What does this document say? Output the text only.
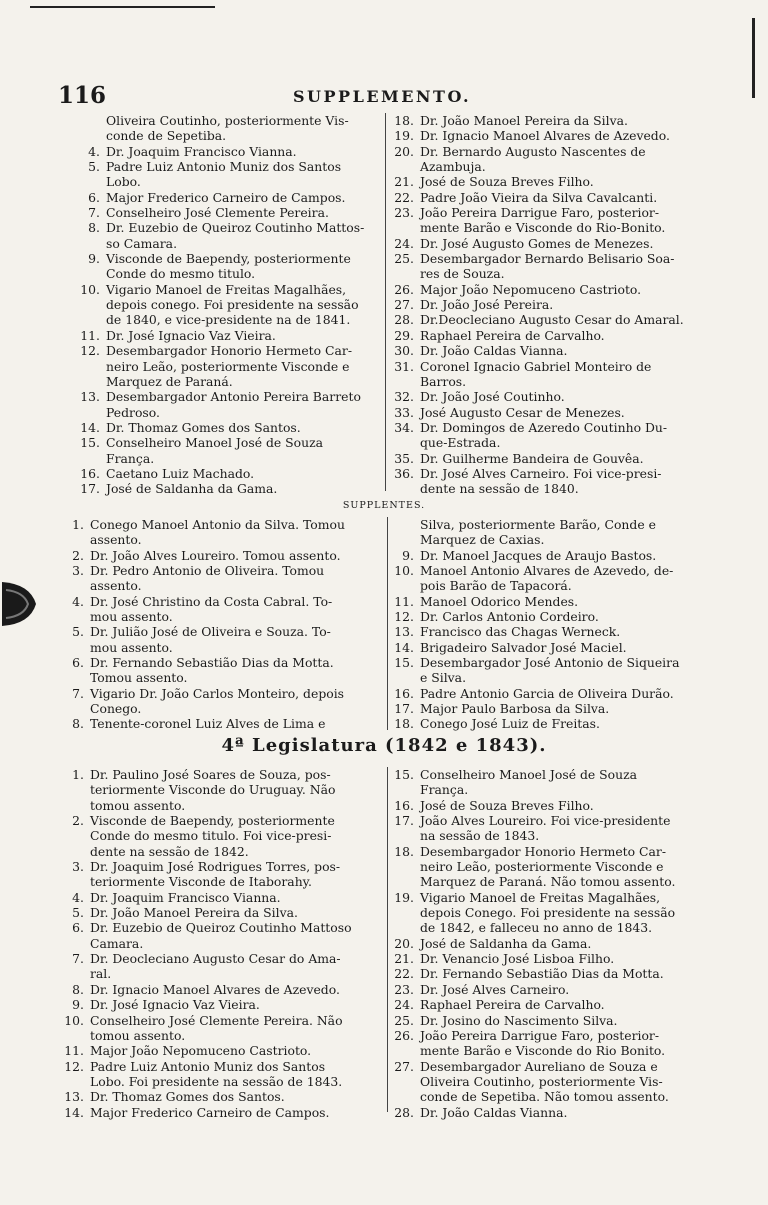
116	SUPPLEMENTO.
Oliveira Coutinho, posteriormente Vis-
conde de Sepetiba.
4. Dr. Joaquim Francisco Vianna.
5. Padre Luiz Antonio Muniz dos Santos
Lobo.
6. Major Frederico Carneiro de Campos.
7. Conselheiro José Clemente Pereira.
8. Dr. Euzebio de Queiroz Coutinho Mattos-
so Camara.
9. Visconde de Baependy, posteriormente
Conde do mesmo titulo.
10. Vigario Manoel de Freitas Magalhães,
depois conego. Foi presidente na sessão
de 1840, e vice-presidente na de 1841.
11. Dr. José Ignacio Vaz Vieira.
12. Desembargador Honorio Hermeto Car-
neiro Leão, posteriormente Visconde e
Marquez de Paraná.
13. Desembargador Antonio Pereira Barreto
Pedroso.
14. Dr. Thomaz Gomes dos Santos.
15. Conselheiro Manoel José de Souza
França.
16. Caetano Luiz Machado.
17. José de Saldanha da Gama.
18. Dr. João Manoel Pereira da Silva.
19. Dr. Ignacio Manoel Alvares de Azevedo.
20. Dr. Bernardo Augusto Nascentes de
Azambuja.
21. José de Souza Breves Filho.
22. Padre João Vieira da Silva Cavalcanti.
23. João Pereira Darrigue Faro, posterior-
mente Barão e Visconde do Rio-Bonito.
24. Dr. José Augusto Gomes de Menezes.
25. Desembargador Bernardo Belisario Soa-
res de Souza.
26. Major João Nepomuceno Castrioto.
27. Dr. João José Pereira.
28. Dr.Deocleciano Augusto Cesar do Amaral.
29. Raphael Pereira de Carvalho.
30. Dr. João Caldas Vianna.
31. Coronel Ignacio Gabriel Monteiro de
Barros.
32. Dr. João José Coutinho.
33. José Augusto Cesar de Menezes.
34. Dr. Domingos de Azeredo Coutinho Du-
que-Estrada.
35. Dr. Guilherme Bandeira de Gouvêa.
36. Dr. José Alves Carneiro. Foi vice-presi-
dente na sessão de 1840.
SUPPLENTES.
1. Conego Manoel Antonio da Silva. Tomou
assento.
2. Dr. João Alves Loureiro. Tomou assento.
3. Dr. Pedro Antonio de Oliveira. Tomou
assento.
4. Dr. José Christino da Costa Cabral. To-
mou assento.
5. Dr. Julião José de Oliveira e Souza. To-
mou assento.
6. Dr. Fernando Sebastião Dias da Motta.
Tomou assento.
7. Vigario Dr. João Carlos Monteiro, depois
Conego.
8. Tenente-coronel Luiz Alves de Lima e
Silva, posteriormente Barão, Conde e
Marquez de Caxias.
9. Dr. Manoel Jacques de Araujo Bastos.
10. Manoel Antonio Alvares de Azevedo, de-
pois Barão de Tapacorá.
11. Manoel Odorico Mendes.
12. Dr. Carlos Antonio Cordeiro.
13. Francisco das Chagas Werneck.
14. Brigadeiro Salvador José Maciel.
15. Desembargador José Antonio de Siqueira
e Silva.
16. Padre Antonio Garcia de Oliveira Durão.
17. Major Paulo Barbosa da Silva.
18. Conego José Luiz de Freitas.
4ª Legislatura (1842 e 1843).
1. Dr. Paulino José Soares de Souza, pos-
teriormente Visconde do Uruguay. Não
tomou assento.
2. Visconde de Baependy, posteriormente
Conde do mesmo titulo. Foi vice-presi-
dente na sessão de 1842.
3. Dr. Joaquim José Rodrigues Torres, pos-
teriormente Visconde de Itaborahy.
4. Dr. Joaquim Francisco Vianna.
5. Dr. João Manoel Pereira da Silva.
6. Dr. Euzebio de Queiroz Coutinho Mattoso
Camara.
7. Dr. Deocleciano Augusto Cesar do Ama-
ral.
8. Dr. Ignacio Manoel Alvares de Azevedo.
9. Dr. José Ignacio Vaz Vieira.
10. Conselheiro José Clemente Pereira. Não
tomou assento.
11. Major João Nepomuceno Castrioto.
12. Padre Luiz Antonio Muniz dos Santos
Lobo. Foi presidente na sessão de 1843.
13. Dr. Thomaz Gomes dos Santos.
14. Major Frederico Carneiro de Campos.
15. Conselheiro Manoel José de Souza
França.
16. José de Souza Breves Filho.
17. João Alves Loureiro. Foi vice-presidente
na sessão de 1843.
18. Desembargador Honorio Hermeto Car-
neiro Leão, posteriormente Visconde e
Marquez de Paraná. Não tomou assento.
19. Vigario Manoel de Freitas Magalhães,
depois Conego. Foi presidente na sessão
de 1842, e falleceu no anno de 1843.
20. José de Saldanha da Gama.
21. Dr. Venancio José Lisboa Filho.
22. Dr. Fernando Sebastião Dias da Motta.
23. Dr. José Alves Carneiro.
24. Raphael Pereira de Carvalho.
25. Dr. Josino do Nascimento Silva.
26. João Pereira Darrigue Faro, posterior-
mente Barão e Visconde do Rio Bonito.
27. Desembargador Aureliano de Souza e
Oliveira Coutinho, posteriormente Vis-
conde de Sepetiba. Não tomou assento.
28. Dr. João Caldas Vianna.
